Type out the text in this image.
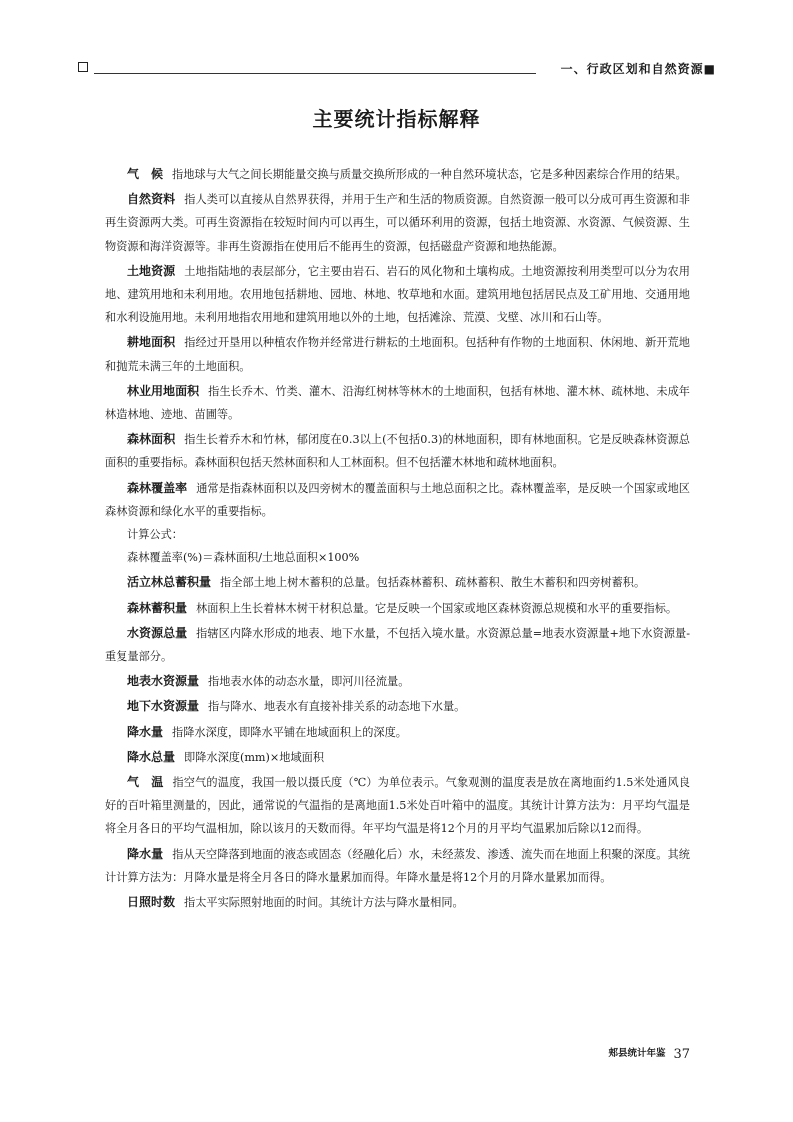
一、行政区划和自然资源■
主要统计指标解释

气　候 指地球与大气之间长期能量交换与质量交换所形成的一种自然环境状态，它是多种因素综合作用的结果。

自然资料 指人类可以直接从自然界获得，并用于生产和生活的物质资源。自然资源一般可以分成可再生资源和非再生资源两大类。可再生资源指在较短时间内可以再生，可以循环利用的资源，包括土地资源、水资源、气候资源、生物资源和海洋资源等。非再生资源指在使用后不能再生的资源，包括磁盘产资源和地热能源。

土地资源 土地指陆地的表层部分，它主要由岩石、岩石的风化物和土壤构成。土地资源按利用类型可以分为农用地、建筑用地和未利用地。农用地包括耕地、园地、林地、牧草地和水面。建筑用地包括居民点及工矿用地、交通用地和水利设施用地。未利用地指农用地和建筑用地以外的土地，包括滩涂、荒漠、戈壁、冰川和石山等。

耕地面积 指经过开垦用以种植农作物并经常进行耕耘的土地面积。包括种有作物的土地面积、休闲地、新开荒地和抛荒未满三年的土地面积。

林业用地面积 指生长乔木、竹类、灌木、沿海红树林等林木的土地面积，包括有林地、灌木林、疏林地、未成年林造林地、迹地、苗圃等。

森林面积 指生长着乔木和竹林，郁闭度在0.3以上(不包括0.3)的林地面积，即有林地面积。它是反映森林资源总面积的重要指标。森林面积包括天然林面积和人工林面积。但不包括灌木林地和疏林地面积。

森林覆盖率 通常是指森林面积以及四旁树木的覆盖面积与土地总面积之比。森林覆盖率，是反映一个国家或地区森林资源和绿化水平的重要指标。

计算公式：

森林覆盖率(%)＝森林面积/土地总面积×100%

活立林总蓄积量 指全部土地上树木蓄积的总量。包括森林蓄积、疏林蓄积、散生木蓄积和四旁树蓄积。

森林蓄积量 林面积上生长着林木树干材积总量。它是反映一个国家或地区森林资源总规模和水平的重要指标。

水资源总量 指辖区内降水形成的地表、地下水量，不包括入境水量。水资源总量=地表水资源量+地下水资源量-重复量部分。

地表水资源量 指地表水体的动态水量，即河川径流量。

地下水资源量 指与降水、地表水有直接补排关系的动态地下水量。

降水量 指降水深度，即降水平铺在地域面积上的深度。

降水总量 即降水深度(mm)×地域面积

气　温 指空气的温度，我国一般以摄氏度（℃）为单位表示。气象观测的温度表是放在离地面约1.5米处通风良好的百叶箱里测量的，因此，通常说的气温指的是离地面1.5米处百叶箱中的温度。其统计计算方法为：月平均气温是将全月各日的平均气温相加，除以该月的天数而得。年平均气温是将12个月的月平均气温累加后除以12而得。

降水量 指从天空降落到地面的液态或固态（经融化后）水，未经蒸发、渗透、流失而在地面上积聚的深度。其统计计算方法为：月降水量是将全月各日的降水量累加而得。年降水量是将12个月的月降水量累加而得。

日照时数 指太平实际照射地面的时间。其统计方法与降水量相同。

郏县统计年鉴 37
